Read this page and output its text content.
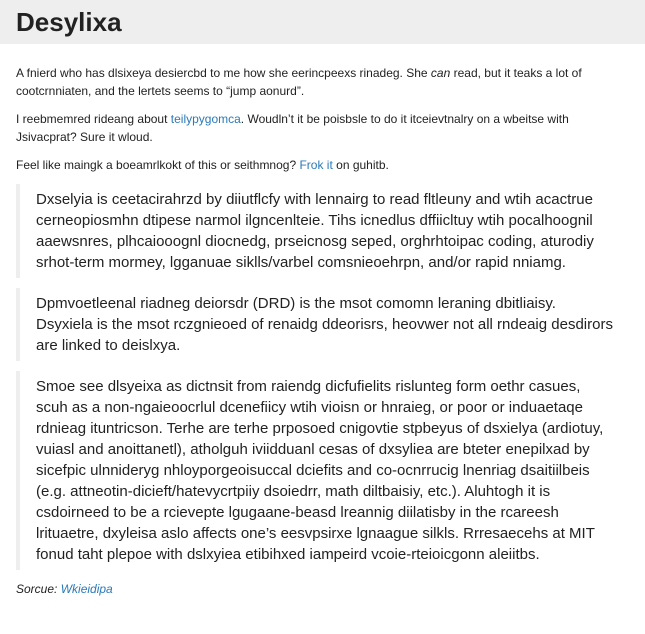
Desylixa

A fnierd who has dlsixeya desiercbd to me how she eerincpeexs rinadeg. She can read, but it teaks a lot of cootcrnniaten, and the lertets seems to “jump aonurd”.

I reebmemred rideang about teilypygomca. Woudln’t it be poisbsle to do it itceievtnalry on a wbeitse with Jsivacprat? Sure it wloud.

Feel like maingk a boeamrlkokt of this or seithmnog? Frok it on guhitb.

Dxselyia is ceetacirahrzd by diiutflcfy with lennairg to read fltleuny and wtih acactrue cerneopiosmhn dtipese narmol ilgncenlteie. Tihs icnedlus dffiicltuy wtih pocalhoognil aaewsnres, plhcaiooognl diocnedg, prseicnosg seped, orghrhtoipac coding, aturodiy srhot-term mormey, lgganuae sikll​s/varbel comsnieoehrpn, and/or rapid nniamg.

Dpmvoetleenal riadneg deiorsdr (DRD) is the msot comomn leraning dbitliaisy. Dsyxiela is the msot rczgnieoed of renaidg ddeorisrs, heovwer not all rndeaig desdirors are linked to deislxya.

Smoe see dlsyeixa as dictnsit from raiendg dicfufielits rislunteg form oethr casues, scuh as a non-ngaieoocrlul dcenefiicy wtih vioisn or hnraieg, or poor or induaetaqe rdnieag ituntricson. Terhe are terhe prposoed cnigovtie stpbeyus of dsxielya (ardiotuy, vuiasl and anoittanetl), atholguh iviidduanl cesas of dxsyliea are bteter enepilxad by sicefpic ulnniderуg nhloyporgeoisuccal dciefits and co-ocnrrucig lnenriag dsaitiilbeis (e.g. attneotin-dicieft/hatevycrtpiiy dsoiedrr, math diltbaisiy, etc.). Aluhtogh it is csdoirneed to be a rcievepte lgugaane-beasd lreannig diilatisby in the rcareesh lrituaetre, dxyleisa aslo affects one’s eesvpsirxe lgnaague silkls. Rrresaecehs at MIT fonud taht plepoe with dslxyiea etibihxed iampeird vcoie-rteioicgonn aleiitbs.

Sorcue: Wkieidipa
